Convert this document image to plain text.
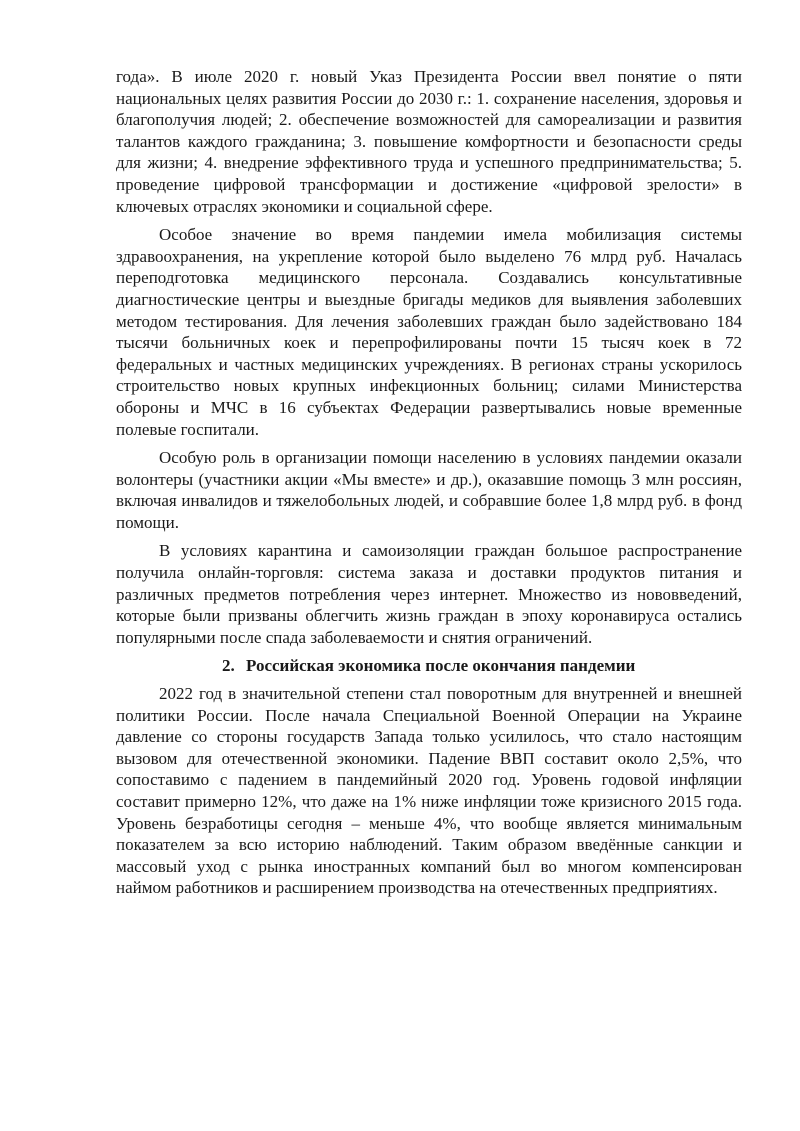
года». В июле 2020 г. новый Указ Президента России ввел понятие о пяти национальных целях развития России до 2030 г.: 1. сохранение населения, здоровья и благополучия людей; 2. обеспечение возможностей для самореализации и развития талантов каждого гражданина; 3. повышение комфортности и безопасности среды для жизни; 4. внедрение эффективного труда и успешного предпринимательства; 5. проведение цифровой трансформации и достижение «цифровой зрелости» в ключевых отраслях экономики и социальной сфере.

Особое значение во время пандемии имела мобилизация системы здравоохранения, на укрепление которой было выделено 76 млрд руб. Началась переподготовка медицинского персонала. Создавались консультативные диагностические центры и выездные бригады медиков для выявления заболевших методом тестирования. Для лечения заболевших граждан было задействовано 184 тысячи больничных коек и перепрофилированы почти 15 тысяч коек в 72 федеральных и частных медицинских учреждениях. В регионах страны ускорилось строительство новых крупных инфекционных больниц; силами Министерства обороны и МЧС в 16 субъектах Федерации развертывались новые временные полевые госпитали.

Особую роль в организации помощи населению в условиях пандемии оказали волонтеры (участники акции «Мы вместе» и др.), оказавшие помощь 3 млн россиян, включая инвалидов и тяжелобольных людей, и собравшие более 1,8 млрд руб. в фонд помощи.

В условиях карантина и самоизоляции граждан большое распространение получила онлайн-торговля: система заказа и доставки продуктов питания и различных предметов потребления через интернет. Множество из нововведений, которые были призваны облегчить жизнь граждан в эпоху коронавируса остались популярными после спада заболеваемости и снятия ограничений.

2. Российская экономика после окончания пандемии

2022 год в значительной степени стал поворотным для внутренней и внешней политики России. После начала Специальной Военной Операции на Украине давление со стороны государств Запада только усилилось, что стало настоящим вызовом для отечественной экономики. Падение ВВП составит около 2,5%, что сопоставимо с падением в пандемийный 2020 год. Уровень годовой инфляции составит примерно 12%, что даже на 1% ниже инфляции тоже кризисного 2015 года. Уровень безработицы сегодня – меньше 4%, что вообще является минимальным показателем за всю историю наблюдений. Таким образом введённые санкции и массовый уход с рынка иностранных компаний был во многом компенсирован наймом работников и расширением производства на отечественных предприятиях.
